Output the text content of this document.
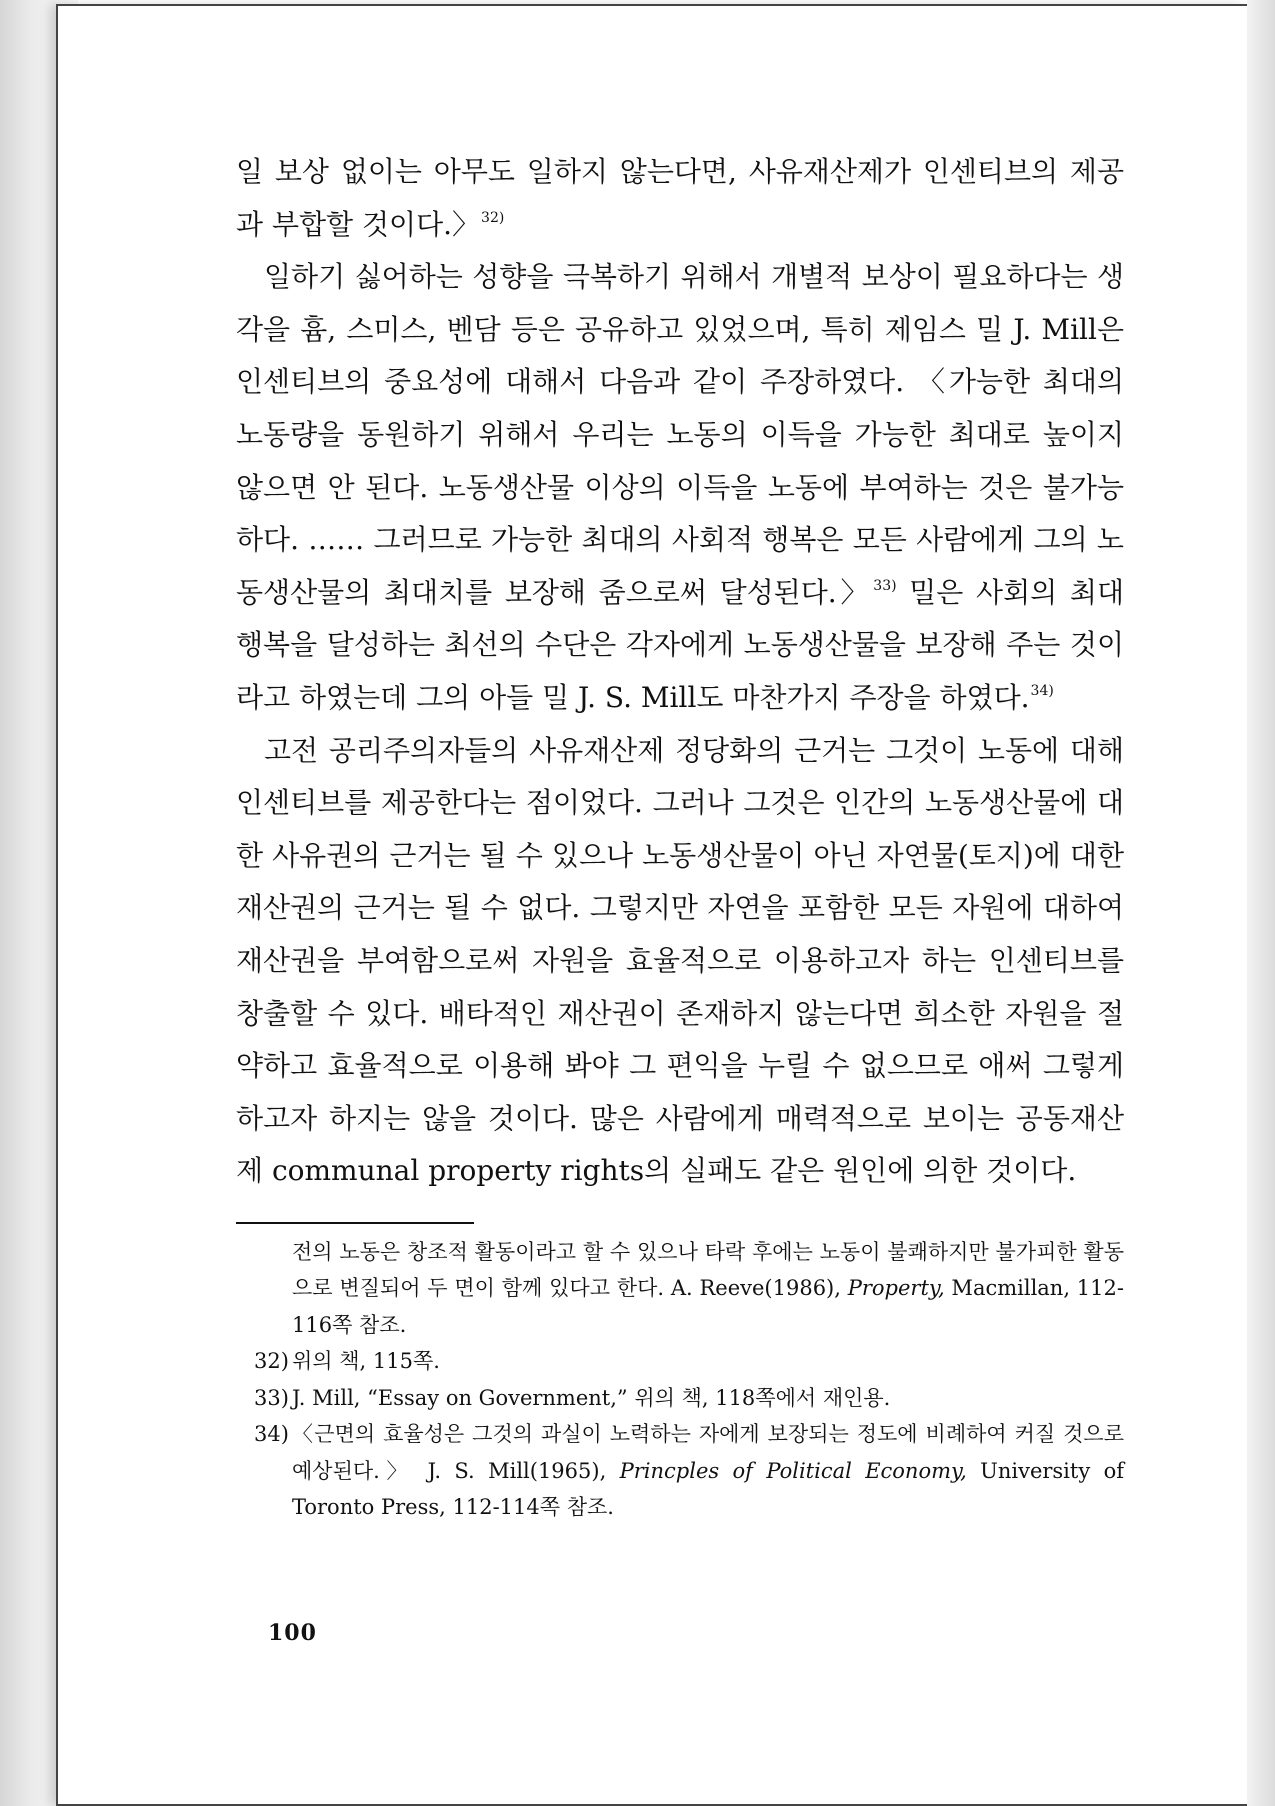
일 보상 없이는 아무도 일하지 않는다면, 사유재산제가 인센티브의 제공과 부합할 것이다.〉$^{32)}$

일하기 싫어하는 성향을 극복하기 위해서 개별적 보상이 필요하다는 생각을 흄, 스미스, 벤담 등은 공유하고 있었으며, 특히 제임스 밀 J. Mill은 인센티브의 중요성에 대해서 다음과 같이 주장하였다. 〈가능한 최대의 노동량을 동원하기 위해서 우리는 노동의 이득을 가능한 최대로 높이지 않으면 안 된다. 노동생산물 이상의 이득을 노동에 부여하는 것은 불가능하다. …… 그러므로 가능한 최대의 사회적 행복은 모든 사람에게 그의 노동생산물의 최대치를 보장해 줌으로써 달성된다.〉$^{33)}$ 밀은 사회의 최대 행복을 달성하는 최선의 수단은 각자에게 노동생산물을 보장해 주는 것이라고 하였는데 그의 아들 밀 J. S. Mill도 마찬가지 주장을 하였다.$^{34)}$

고전 공리주의자들의 사유재산제 정당화의 근거는 그것이 노동에 대해 인센티브를 제공한다는 점이었다. 그러나 그것은 인간의 노동생산물에 대한 사유권의 근거는 될 수 있으나 노동생산물이 아닌 자연물(토지)에 대한 재산권의 근거는 될 수 없다. 그렇지만 자연을 포함한 모든 자원에 대하여 재산권을 부여함으로써 자원을 효율적으로 이용하고자 하는 인센티브를 창출할 수 있다. 배타적인 재산권이 존재하지 않는다면 희소한 자원을 절약하고 효율적으로 이용해 봐야 그 편익을 누릴 수 없으므로 애써 그렇게 하고자 하지는 않을 것이다. 많은 사람에게 매력적으로 보이는 공동재산제 communal property rights의 실패도 같은 원인에 의한 것이다.

전의 노동은 창조적 활동이라고 할 수 있으나 타락 후에는 노동이 불쾌하지만 불가피한 활동으로 변질되어 두 면이 함께 있다고 한다. A. Reeve(1986), Property, Macmillan, 112-116쪽 참조.
32) 위의 책, 115쪽.
33) J. Mill, “Essay on Government,” 위의 책, 118쪽에서 재인용.
34) 〈근면의 효율성은 그것의 과실이 노력하는 자에게 보장되는 정도에 비례하여 커질 것으로 예상된다.〉 J. S. Mill(1965), Princples of Political Economy, University of Toronto Press, 112-114쪽 참조.
100
